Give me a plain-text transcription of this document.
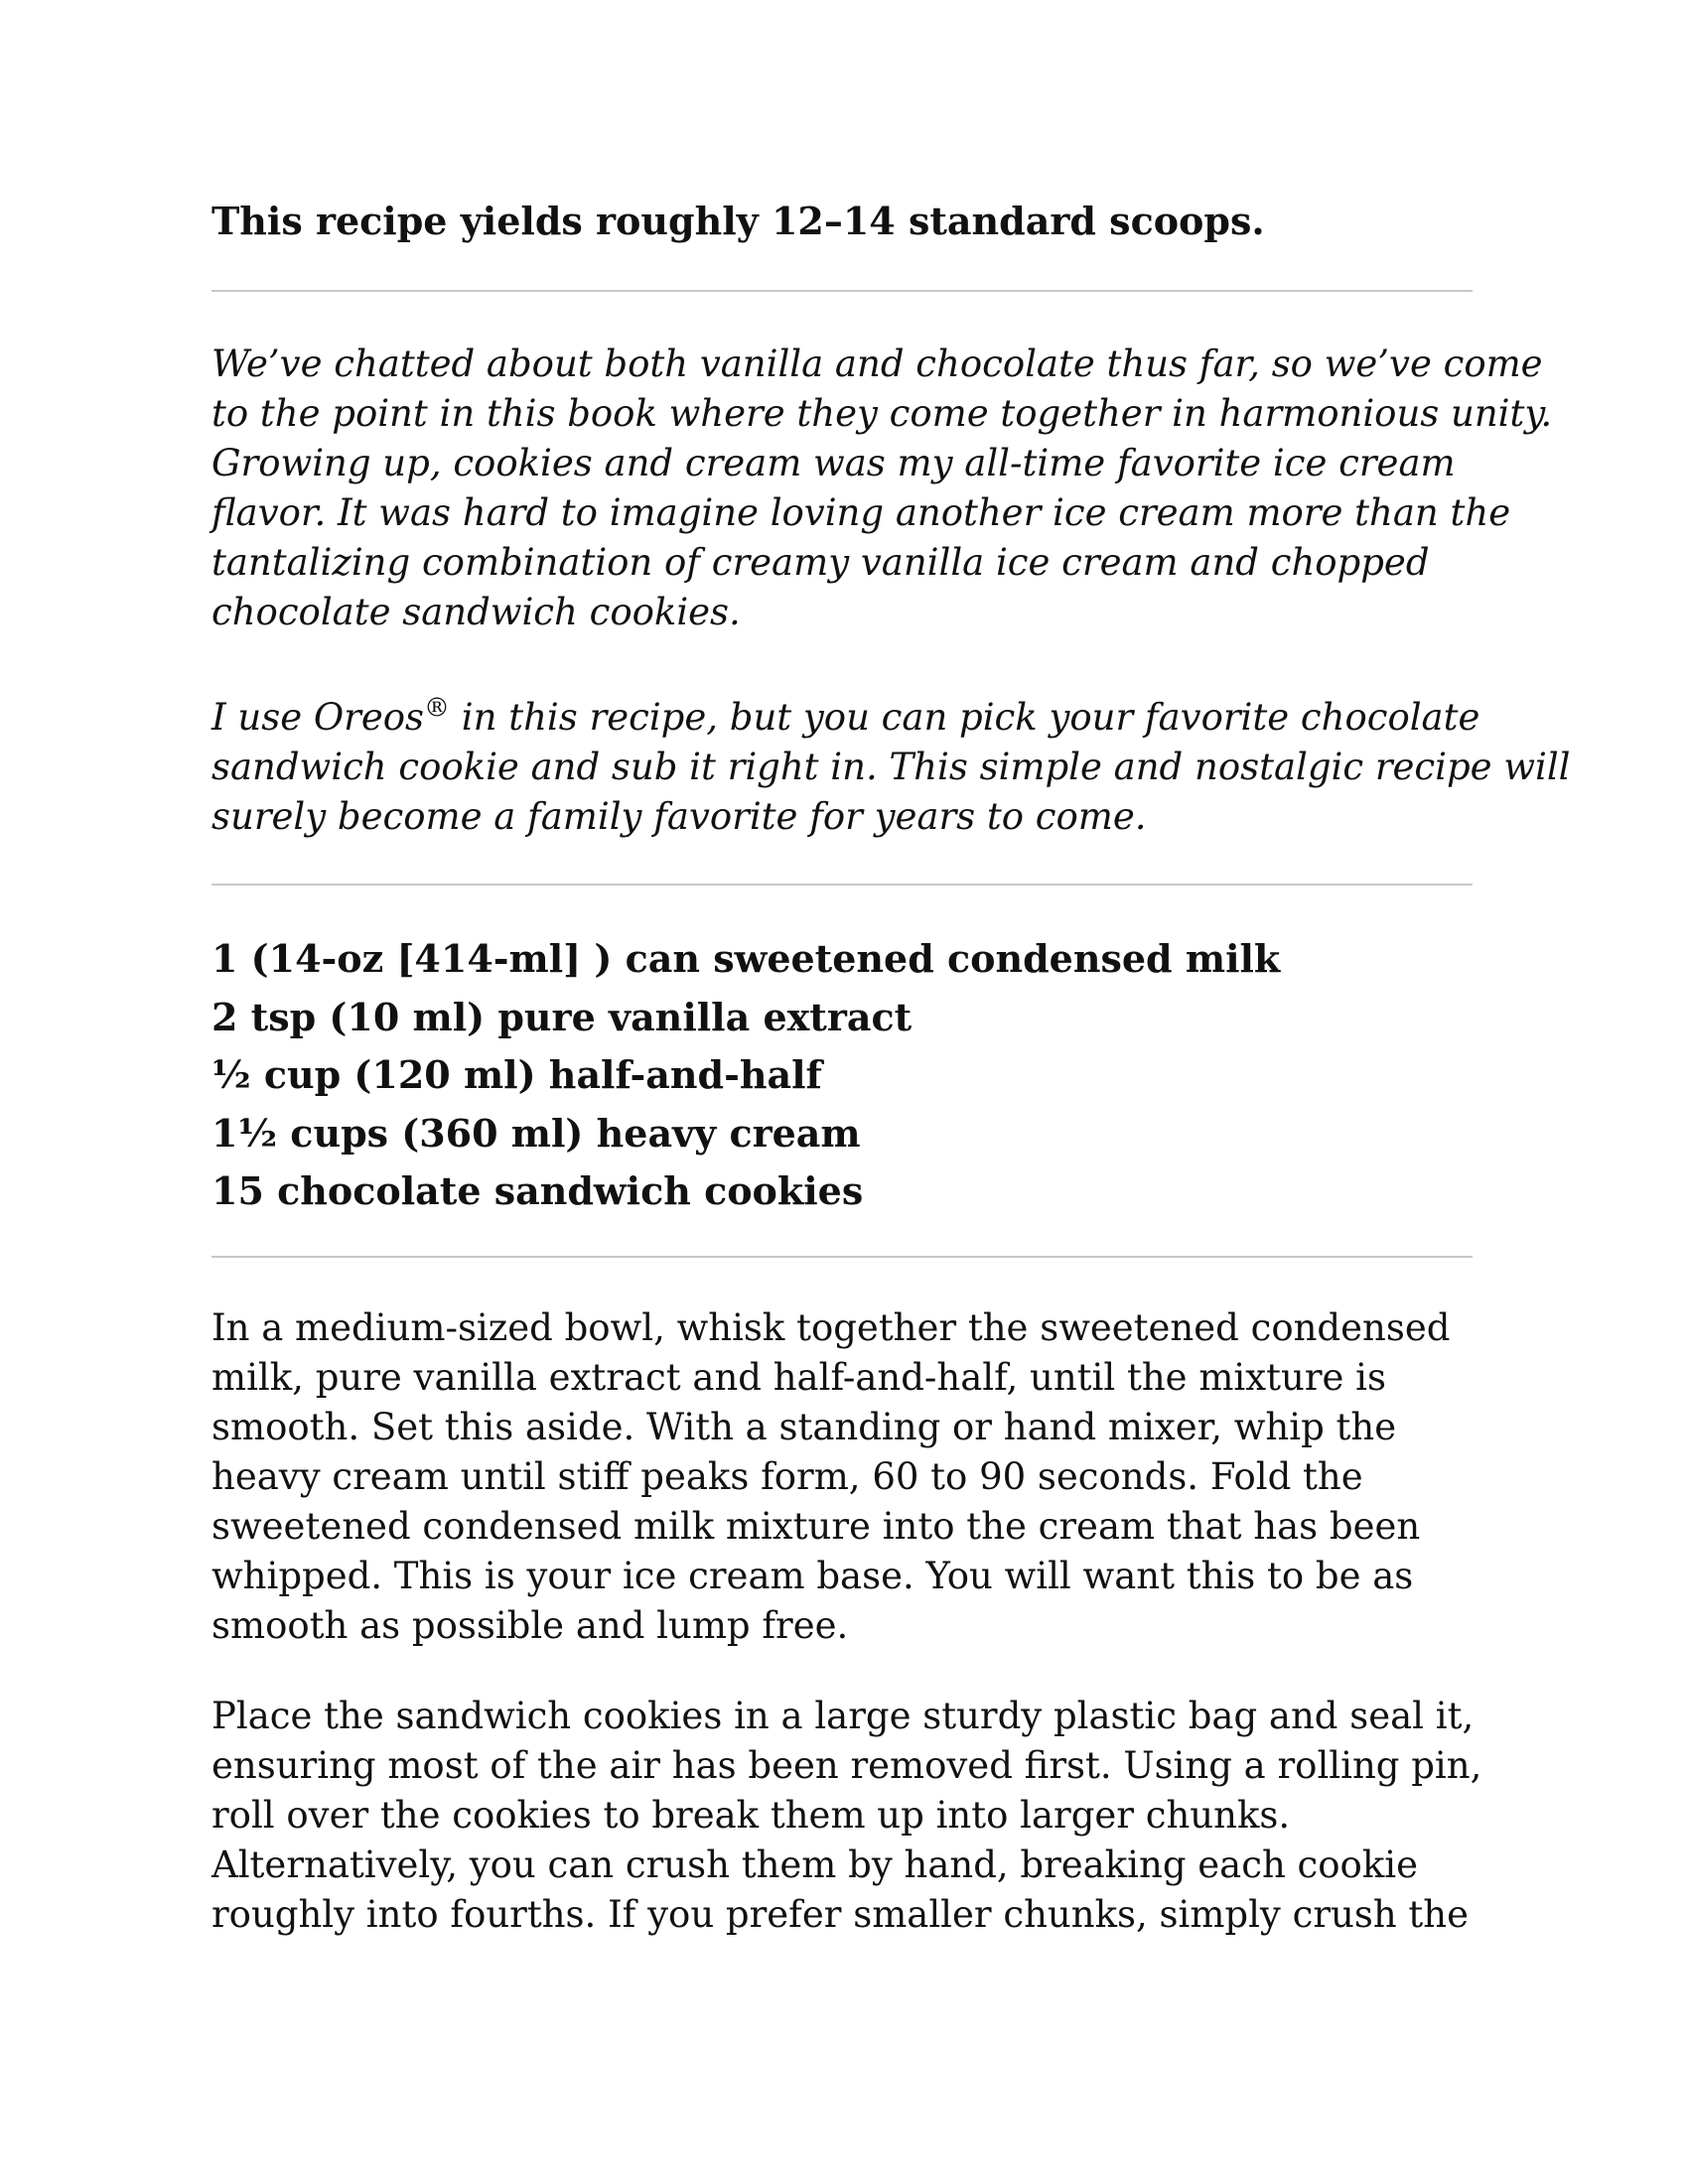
This recipe yields roughly 12–14 standard scoops.

We’ve chatted about both vanilla and chocolate thus far, so we’ve come
to the point in this book where they come together in harmonious unity.
Growing up, cookies and cream was my all-time favorite ice cream
flavor. It was hard to imagine loving another ice cream more than the
tantalizing combination of creamy vanilla ice cream and chopped
chocolate sandwich cookies.

I use Oreos® in this recipe, but you can pick your favorite chocolate
sandwich cookie and sub it right in. This simple and nostalgic recipe will
surely become a family favorite for years to come.

1 (14-oz [414-ml] ) can sweetened condensed milk
2 tsp (10 ml) pure vanilla extract
½ cup (120 ml) half-and-half
1½ cups (360 ml) heavy cream
15 chocolate sandwich cookies

In a medium-sized bowl, whisk together the sweetened condensed
milk, pure vanilla extract and half-and-half, until the mixture is
smooth. Set this aside. With a standing or hand mixer, whip the
heavy cream until stiff peaks form, 60 to 90 seconds. Fold the
sweetened condensed milk mixture into the cream that has been
whipped. This is your ice cream base. You will want this to be as
smooth as possible and lump free.

Place the sandwich cookies in a large sturdy plastic bag and seal it,
ensuring most of the air has been removed first. Using a rolling pin,
roll over the cookies to break them up into larger chunks.
Alternatively, you can crush them by hand, breaking each cookie
roughly into fourths. If you prefer smaller chunks, simply crush the
